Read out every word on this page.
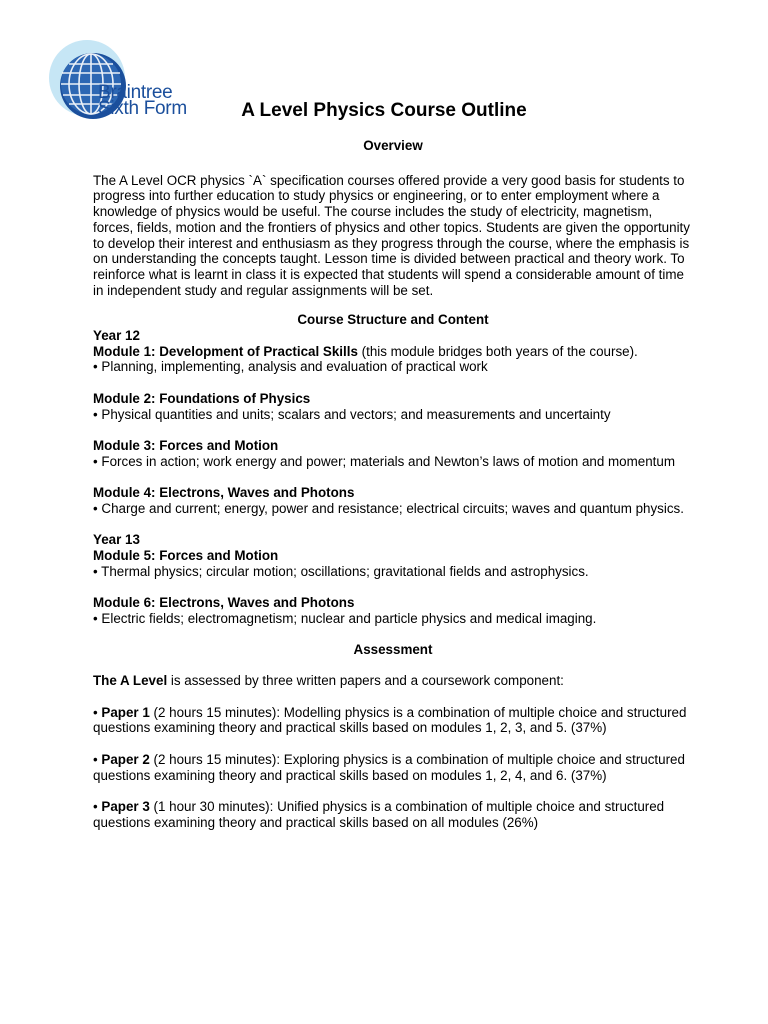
Braintree
Sixth Form	A Level Physics Course Outline

Overview

The A Level OCR physics `A` specification courses offered provide a very good basis for students to progress into further education to study physics or engineering, or to enter employment where a knowledge of physics would be useful. The course includes the study of electricity, magnetism, forces, fields, motion and the frontiers of physics and other topics. Students are given the opportunity to develop their interest and enthusiasm as they progress through the course, where the emphasis is on understanding the concepts taught. Lesson time is divided between practical and theory work. To reinforce what is learnt in class it is expected that students will spend a considerable amount of time in independent study and regular assignments will be set.

Course Structure and Content

Year 12

Module 1: Development of Practical Skills (this module bridges both years of the course).

• Planning, implementing, analysis and evaluation of practical work

Module 2: Foundations of Physics

• Physical quantities and units; scalars and vectors; and measurements and uncertainty

Module 3: Forces and Motion

• Forces in action; work energy and power; materials and Newton’s laws of motion and momentum

Module 4: Electrons, Waves and Photons

• Charge and current; energy, power and resistance; electrical circuits; waves and quantum physics.

Year 13

Module 5: Forces and Motion

• Thermal physics; circular motion; oscillations; gravitational fields and astrophysics.

Module 6: Electrons, Waves and Photons

• Electric fields; electromagnetism; nuclear and particle physics and medical imaging.

Assessment

The A Level is assessed by three written papers and a coursework component:

• Paper 1 (2 hours 15 minutes): Modelling physics is a combination of multiple choice and structured questions examining theory and practical skills based on modules 1, 2, 3, and 5. (37%)

• Paper 2 (2 hours 15 minutes): Exploring physics is a combination of multiple choice and structured questions examining theory and practical skills based on modules 1, 2, 4, and 6. (37%)

• Paper 3 (1 hour 30 minutes): Unified physics is a combination of multiple choice and structured questions examining theory and practical skills based on all modules (26%)
